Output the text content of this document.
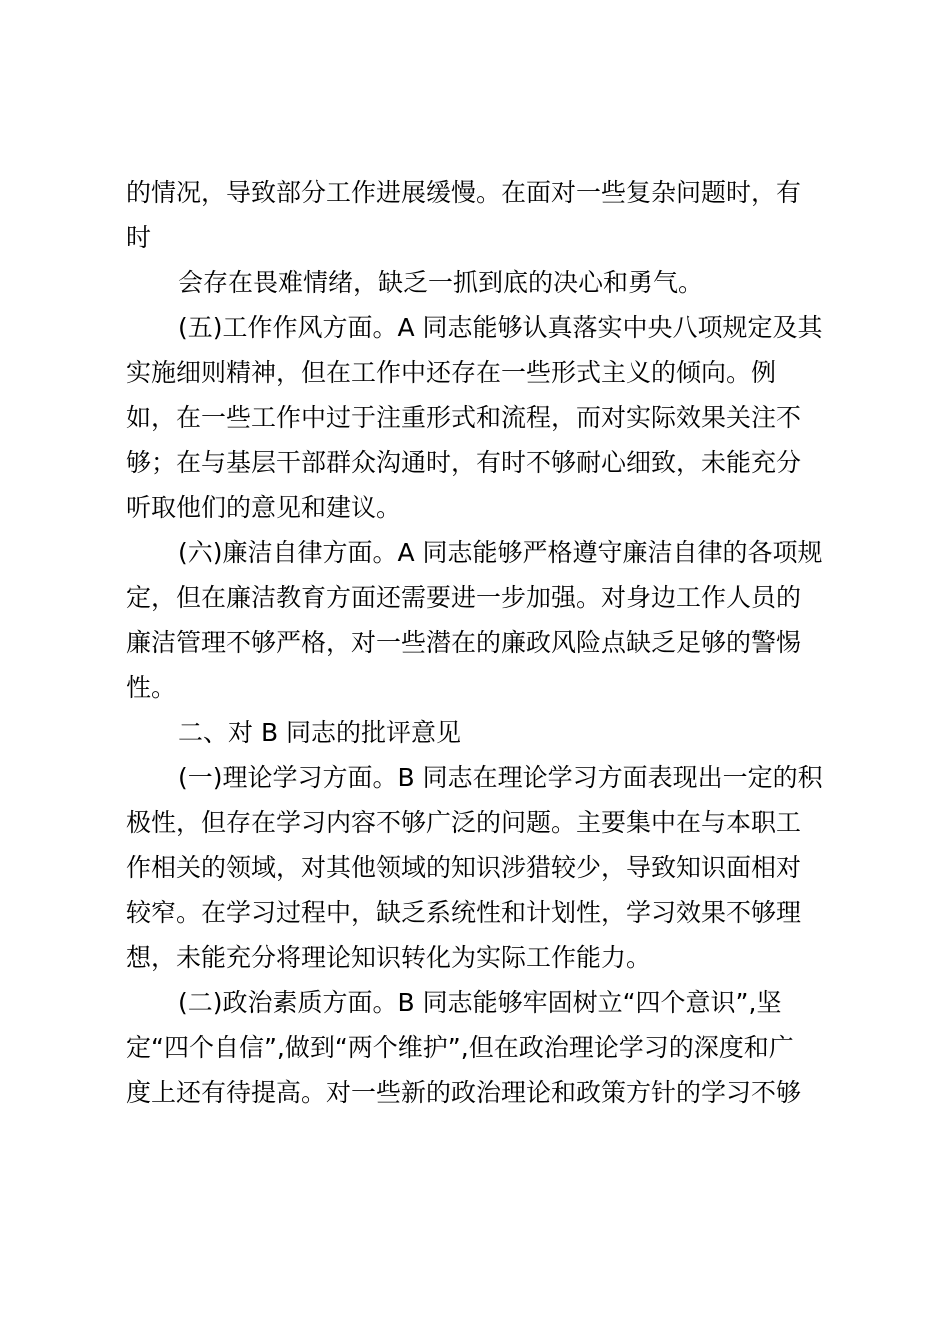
的情况，导致部分工作进展缓慢。在面对一些复杂问题时，有
时
会存在畏难情绪，缺乏一抓到底的决心和勇气。
(五)工作作风方面。A 同志能够认真落实中央八项规定及其
实施细则精神，但在工作中还存在一些形式主义的倾向。例
如，在一些工作中过于注重形式和流程，而对实际效果关注不
够；在与基层干部群众沟通时，有时不够耐心细致，未能充分
听取他们的意见和建议。
(六)廉洁自律方面。A 同志能够严格遵守廉洁自律的各项规
定，但在廉洁教育方面还需要进一步加强。对身边工作人员的
廉洁管理不够严格，对一些潜在的廉政风险点缺乏足够的警惕
性。
二、对 B 同志的批评意见
(一)理论学习方面。B 同志在理论学习方面表现出一定的积
极性，但存在学习内容不够广泛的问题。主要集中在与本职工
作相关的领域，对其他领域的知识涉猎较少，导致知识面相对
较窄。在学习过程中，缺乏系统性和计划性，学习效果不够理
想，未能充分将理论知识转化为实际工作能力。
(二)政治素质方面。B 同志能够牢固树立“四个意识”,坚
定“四个自信”,做到“两个维护”,但在政治理论学习的深度和广
度上还有待提高。对一些新的政治理论和政策方针的学习不够
